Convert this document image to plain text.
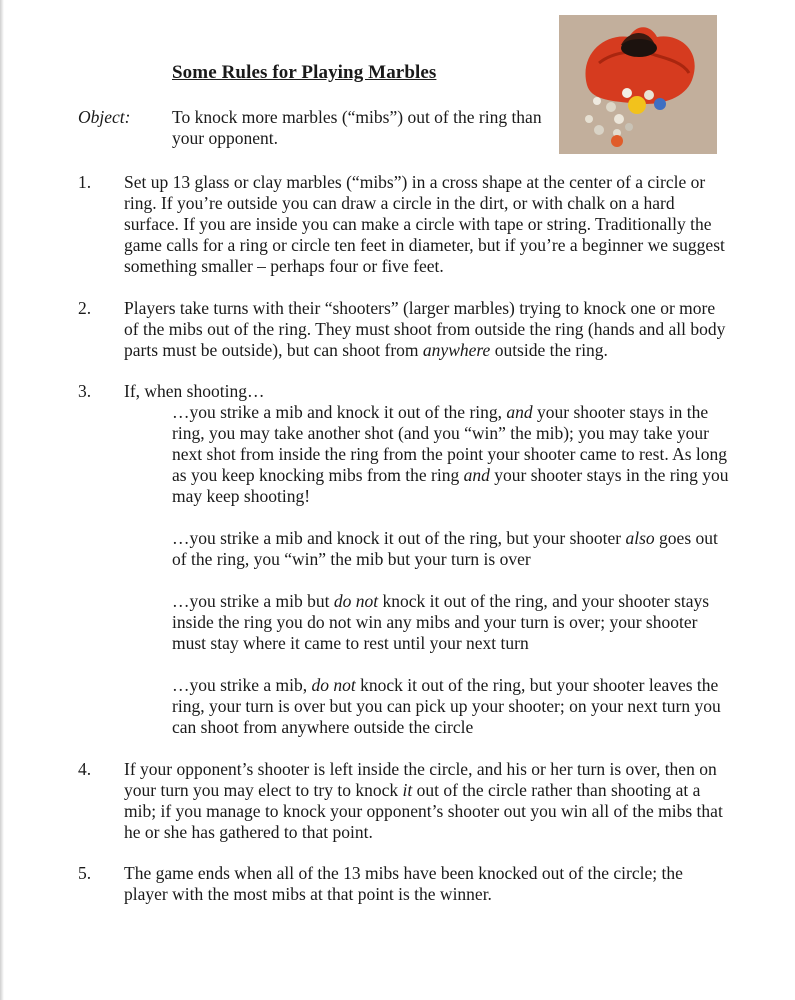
Some Rules for Playing Marbles
Object: To knock more marbles (“mibs”) out of the ring than your opponent.
1. Set up 13 glass or clay marbles (“mibs”) in a cross shape at the center of a circle or ring. If you’re outside you can draw a circle in the dirt, or with chalk on a hard surface. If you are inside you can make a circle with tape or string. Traditionally the game calls for a ring or circle ten feet in diameter, but if you’re a beginner we suggest something smaller – perhaps four or five feet.
2. Players take turns with their “shooters” (larger marbles) trying to knock one or more of the mibs out of the ring. They must shoot from outside the ring (hands and all body parts must be outside), but can shoot from anywhere outside the ring.
3. If, when shooting…
…you strike a mib and knock it out of the ring, and your shooter stays in the ring, you may take another shot (and you “win” the mib); you may take your next shot from inside the ring from the point your shooter came to rest. As long as you keep knocking mibs from the ring and your shooter stays in the ring you may keep shooting!
…you strike a mib and knock it out of the ring, but your shooter also goes out of the ring, you “win” the mib but your turn is over
…you strike a mib but do not knock it out of the ring, and your shooter stays inside the ring you do not win any mibs and your turn is over; your shooter must stay where it came to rest until your next turn
…you strike a mib, do not knock it out of the ring, but your shooter leaves the ring, your turn is over but you can pick up your shooter; on your next turn you can shoot from anywhere outside the circle
4. If your opponent’s shooter is left inside the circle, and his or her turn is over, then on your turn you may elect to try to knock it out of the circle rather than shooting at a mib; if you manage to knock your opponent’s shooter out you win all of the mibs that he or she has gathered to that point.
5. The game ends when all of the 13 mibs have been knocked out of the circle; the player with the most mibs at that point is the winner.
